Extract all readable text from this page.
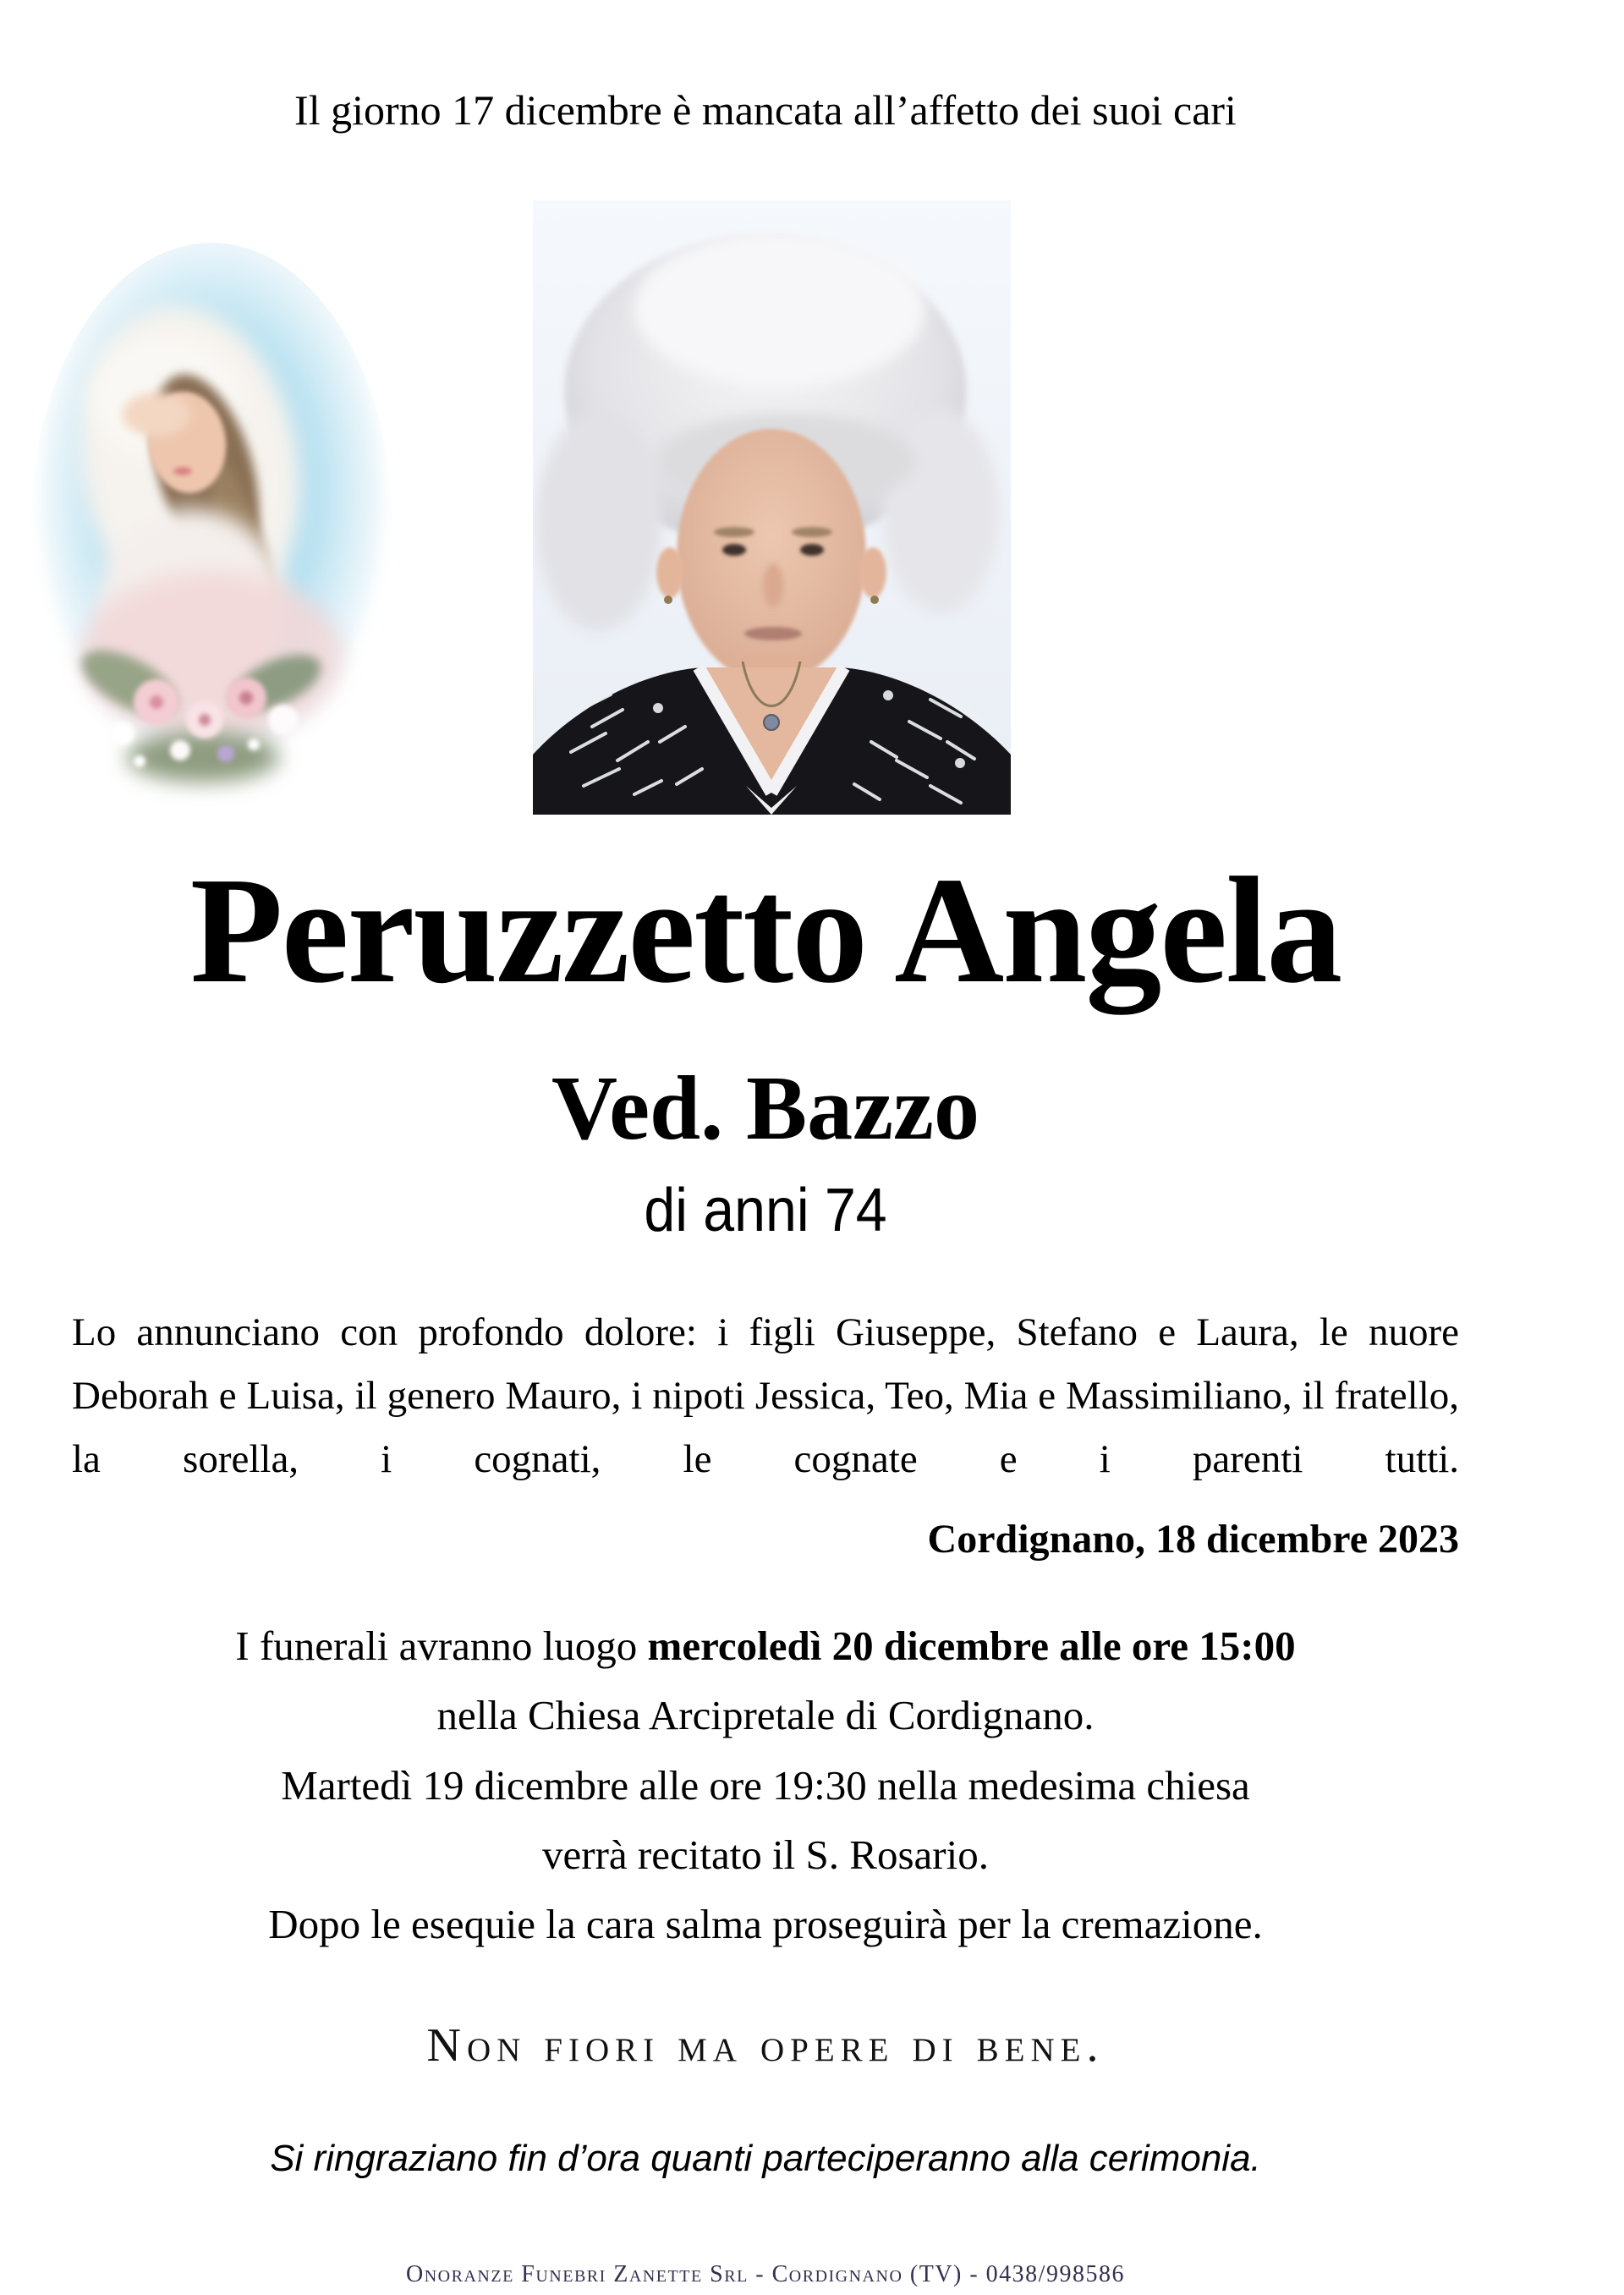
Il giorno 17 dicembre è mancata all’affetto dei suoi cari
Peruzzetto Angela
Ved. Bazzo
di anni 74
Lo annunciano con profondo dolore: i figli Giuseppe, Stefano e Laura, le nuore Deborah e Luisa, il genero Mauro, i nipoti Jessica, Teo, Mia e Massimiliano, il fratello, la sorella, i cognati, le cognate e i parenti tutti.
Cordignano, 18 dicembre 2023
I funerali avranno luogo mercoledì 20 dicembre alle ore 15:00
nella Chiesa Arcipretale di Cordignano.
Martedì 19 dicembre alle ore 19:30 nella medesima chiesa
verrà recitato il S. Rosario.
Dopo le esequie la cara salma proseguirà per la cremazione.
Non fiori ma opere di bene.
Si ringraziano fin d’ora quanti parteciperanno alla cerimonia.
Onoranze Funebri Zanette Srl - Cordignano (TV) - 0438/998586
